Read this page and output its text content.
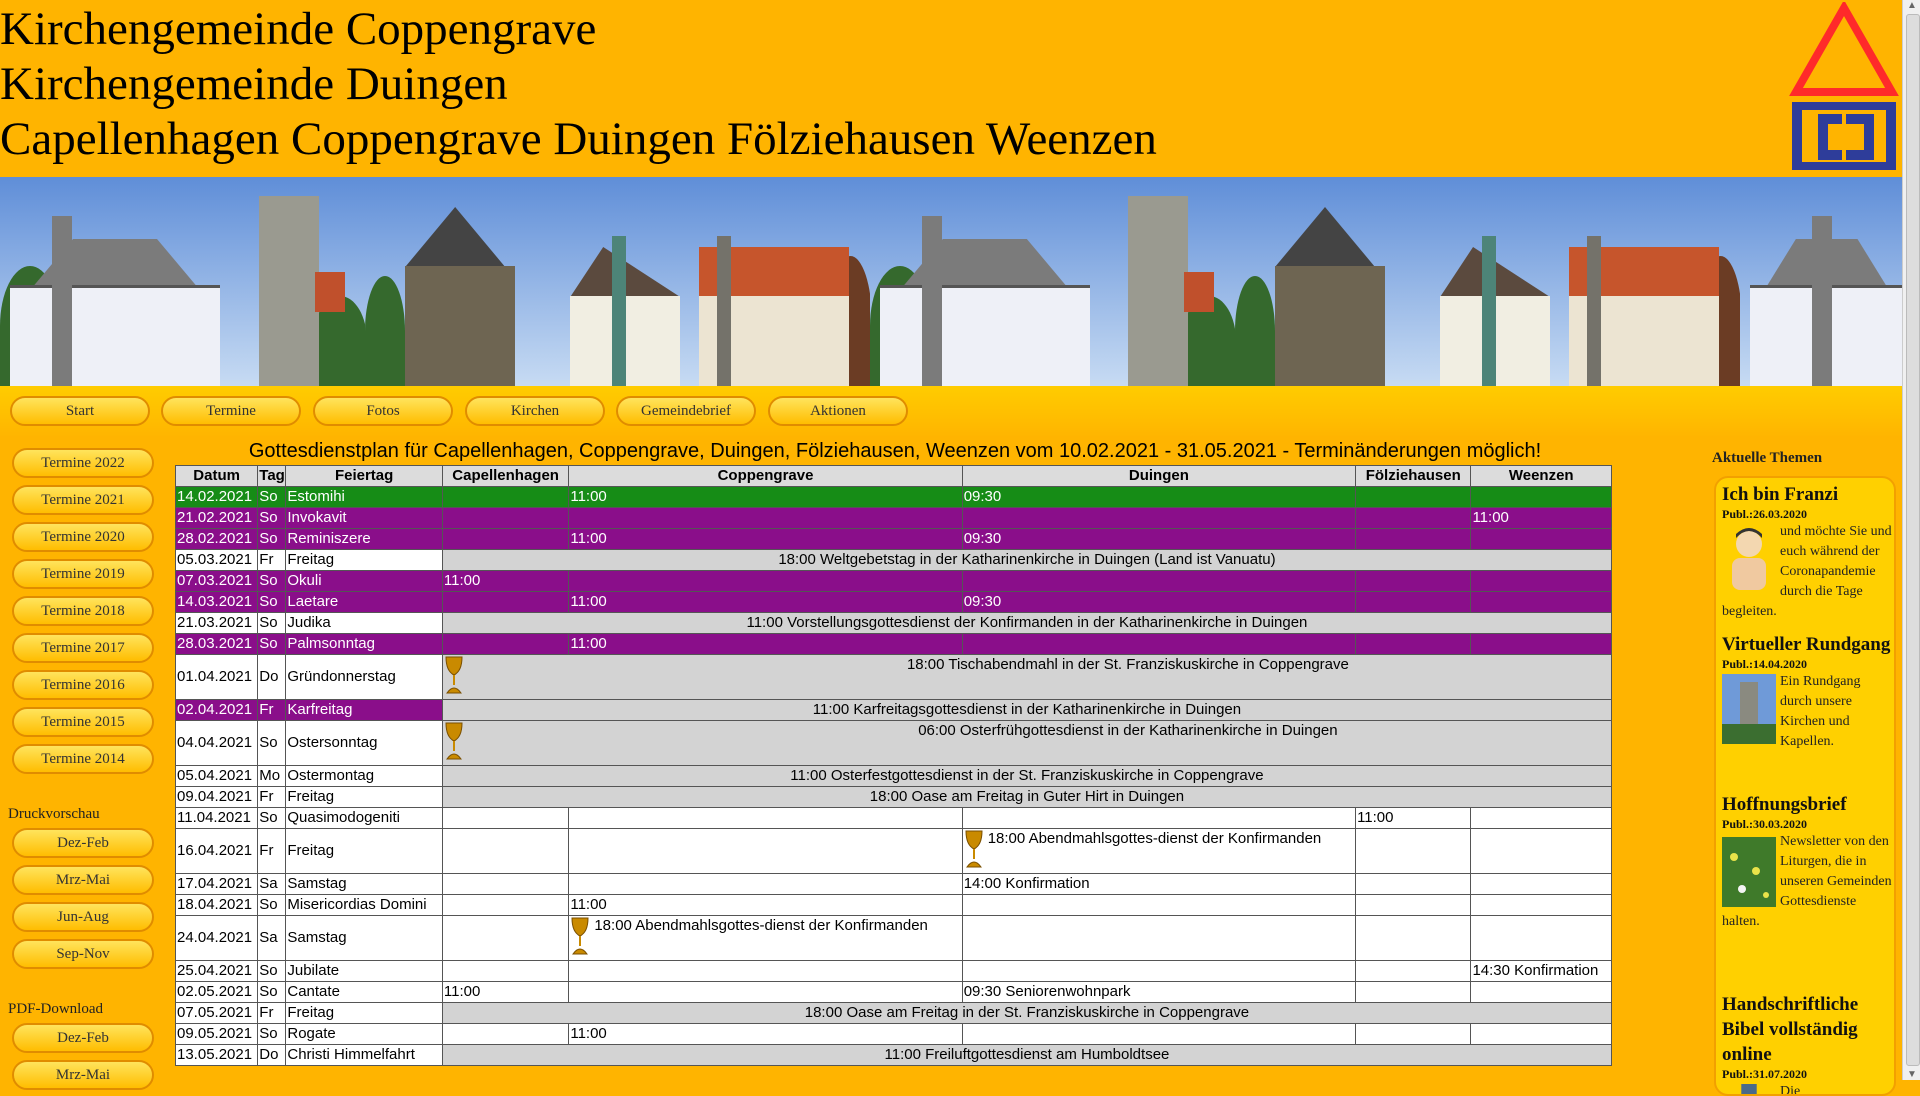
Kirchengemeinde Coppengrave
Kirchengemeinde Duingen
Capellenhagen Coppengrave Duingen Fölziehausen Weenzen
Start	Termine	Fotos	Kirchen	Gemeindebrief	Aktionen
Termine 2022
Termine 2021
Termine 2020
Termine 2019
Termine 2018
Termine 2017
Termine 2016
Termine 2015
Termine 2014
Druckvorschau
Dez-Feb
Mrz-Mai
Jun-Aug
Sep-Nov
PDF-Download
Dez-Feb
Mrz-Mai
Gottesdienstplan für Capellenhagen, Coppengrave, Duingen, Fölziehausen, Weenzen vom 10.02.2021 - 31.05.2021 - Terminänderungen möglich!
Datum	Tag	Feiertag	Capellenhagen	Coppengrave	Duingen	Fölziehausen	Weenzen
14.02.2021	So	Estomihi		11:00	09:30		
21.02.2021	So	Invokavit					11:00
28.02.2021	So	Reminiszere		11:00	09:30		
05.03.2021	Fr	Freitag	18:00 Weltgebetstag in der Katharinenkirche in Duingen (Land ist Vanuatu)				
07.03.2021	So	Okuli	11:00				
14.03.2021	So	Laetare		11:00	09:30		
21.03.2021	So	Judika	11:00 Vorstellungsgottesdienst der Konfirmanden in der Katharinenkirche in Duingen				
28.03.2021	So	Palmsonntag		11:00			
01.04.2021	Do	Gründonnerstag	18:00 Tischabendmahl in der St. Franziskuskirche in Coppengrave				
02.04.2021	Fr	Karfreitag	11:00 Karfreitagsgottesdienst in der Katharinenkirche in Duingen				
04.04.2021	So	Ostersonntag	06:00 Osterfrühgottesdienst in der Katharinenkirche in Duingen				
05.04.2021	Mo	Ostermontag	11:00 Osterfestgottesdienst in der St. Franziskuskirche in Coppengrave				
09.04.2021	Fr	Freitag	18:00 Oase am Freitag in Guter Hirt in Duingen				
11.04.2021	So	Quasimodogeniti				11:00	
16.04.2021	Fr	Freitag			18:00 Abendmahlsgottes-dienst der Konfirmanden		
17.04.2021	Sa	Samstag			14:00 Konfirmation		
18.04.2021	So	Misericordias Domini		11:00			
24.04.2021	Sa	Samstag		18:00 Abendmahlsgottes-dienst der Konfirmanden			
25.04.2021	So	Jubilate					14:30 Konfirmation
02.05.2021	So	Cantate	11:00		09:30 Seniorenwohnpark		
07.05.2021	Fr	Freitag	18:00 Oase am Freitag in der St. Franziskuskirche in Coppengrave				
09.05.2021	So	Rogate		11:00			
13.05.2021	Do	Christi Himmelfahrt	11:00 Freiluftgottesdienst am Humboldtsee				
Aktuelle Themen
Ich bin Franzi
Publ.:26.03.2020
und möchte Sie und euch während der Coronapandemie durch die Tage begleiten.
Virtueller Rundgang
Publ.:14.04.2020
Ein Rundgang durch unsere Kirchen und Kapellen.
Hoffnungsbrief
Publ.:30.03.2020
Newsletter von den Liturgen, die in unseren Gemeinden Gottesdienste halten.
Handschriftliche Bibel vollständig online
Publ.:31.07.2020
Die
▲
▼
